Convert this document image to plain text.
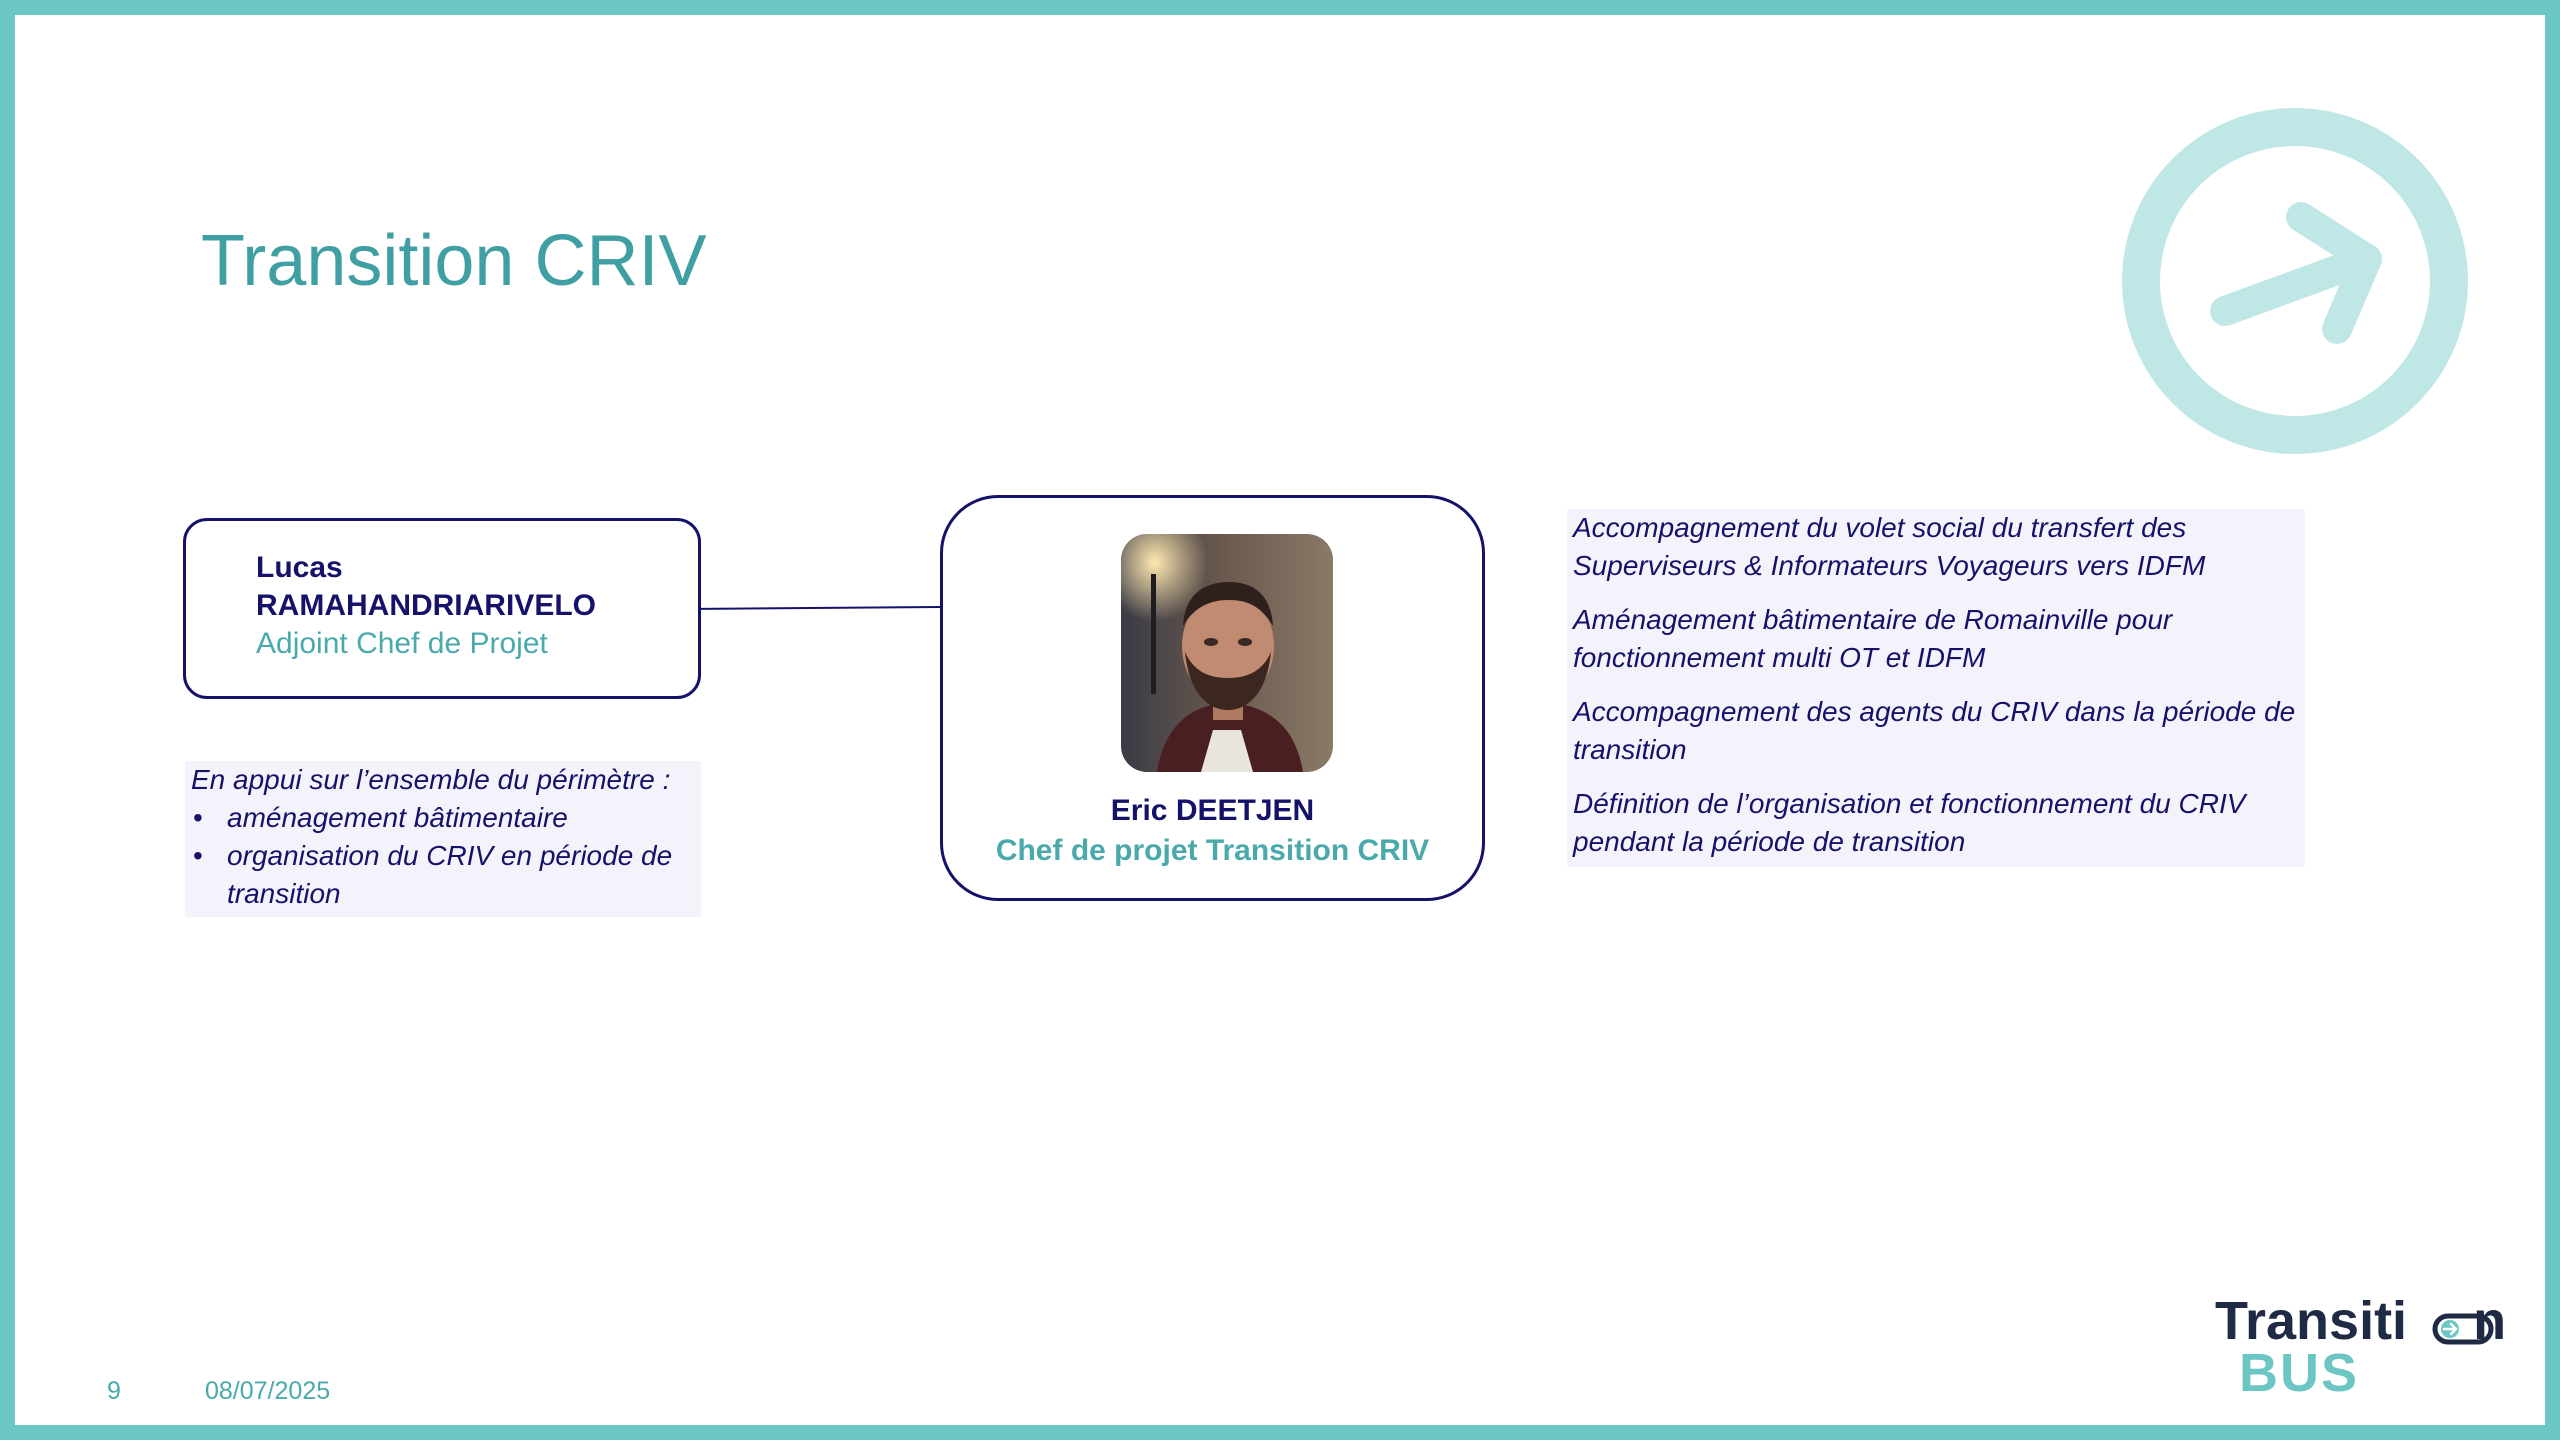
Transition CRIV
Lucas
RAMAHANDRIARIVELO
Adjoint Chef de Projet
Eric DEETJEN
Chef de projet Transition CRIV

En appui sur l’ensemble du périmètre :

• aménagement bâtimentaire
• organisation du CRIV en période de transition

Accompagnement du volet social du transfert des Superviseurs & Informateurs Voyageurs vers IDFM

Aménagement bâtimentaire de Romainville pour fonctionnement multi OT et IDFM

Accompagnement des agents du CRIV dans la période de transition

Définition de l’organisation et fonctionnement du CRIV pendant la période de transition

9	08/07/2025
Transiti n
BUS
